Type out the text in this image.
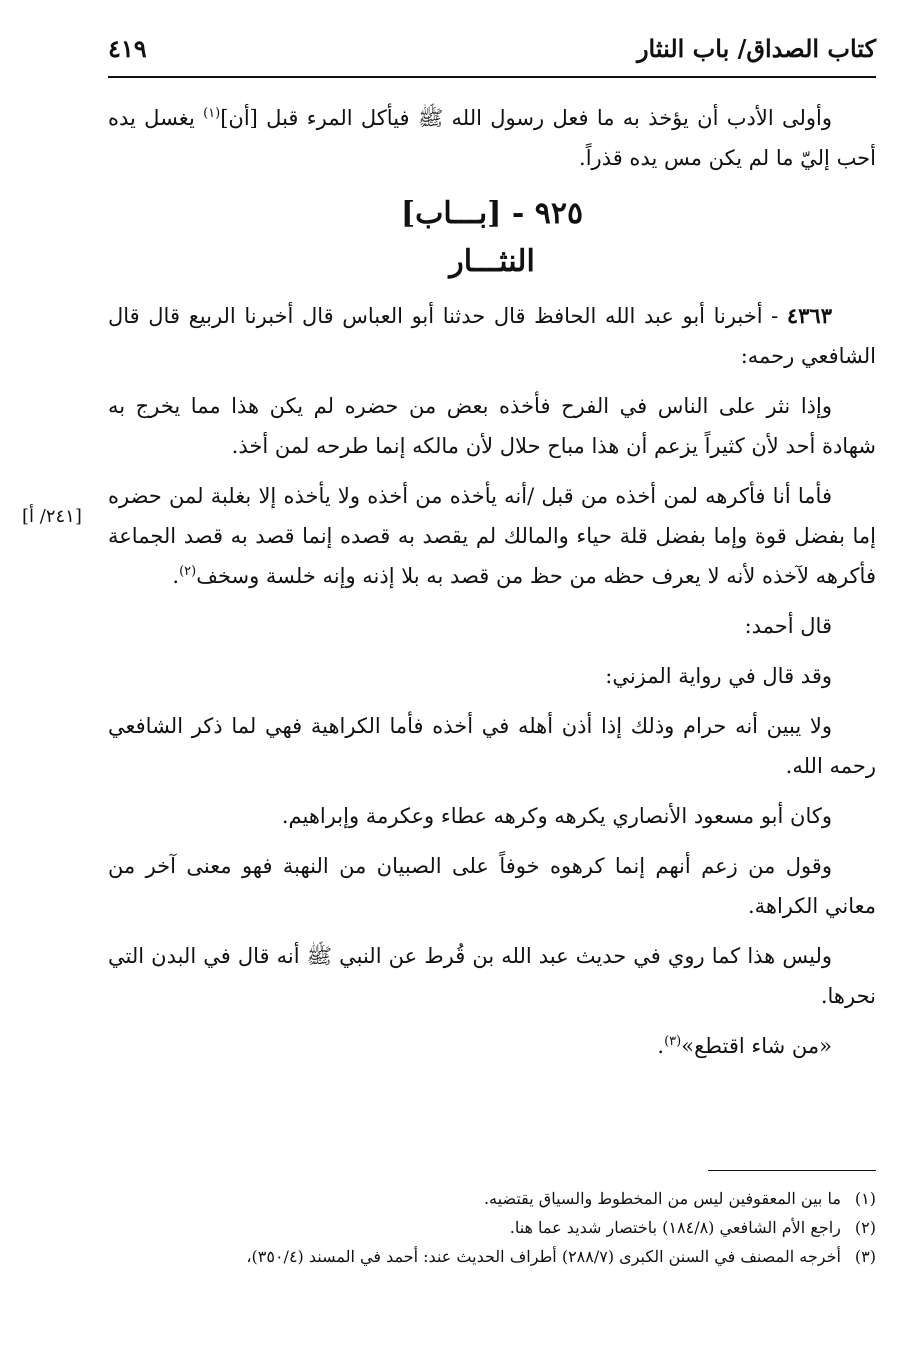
كتاب الصداق/ باب النثار
٤١٩

وأولى الأدب أن يؤخذ به ما فعل رسول الله ﷺ فيأكل المرء قبل [أن]$^{(١)}$ يغسل يده أحب إليّ ما لم يكن مس يده قذراً.

٩٢٥ - [بـــاب]
النثـــار

٤٣٦٣ - أخبرنا أبو عبد الله الحافظ قال حدثنا أبو العباس قال أخبرنا الربيع قال قال الشافعي رحمه:

وإذا نثر على الناس في الفرح فأخذه بعض من حضره لم يكن هذا مما يخرج به شهادة أحد لأن كثيراً يزعم أن هذا مباح حلال لأن مالكه إنما طرحه لمن أخذ.

فأما أنا فأكرهه لمن أخذه من قبل /أنه يأخذه من أخذه ولا يأخذه إلا بغلبة لمن حضره إما بفضل قوة وإما بفضل قلة حياء والمالك لم يقصد به قصده إنما قصد به قصد الجماعة فأكرهه لآخذه لأنه لا يعرف حظه من حظ من قصد به بلا إذنه وإنه خلسة وسخف$^{(٢)}$.

قال أحمد:

وقد قال في رواية المزني:

ولا يبين أنه حرام وذلك إذا أذن أهله في أخذه فأما الكراهية فهي لما ذكر الشافعي رحمه الله.

وكان أبو مسعود الأنصاري يكرهه وكرهه عطاء وعكرمة وإبراهيم.

وقول من زعم أنهم إنما كرهوه خوفاً على الصبيان من النهبة فهو معنى آخر من معاني الكراهة.

وليس هذا كما روي في حديث عبد الله بن قُرط عن النبي ﷺ أنه قال في البدن التي نحرها.

«من شاء اقتطع»$^{(٣)}$.

[٢٤١/ أ]
(١) ما بين المعقوفين ليس من المخطوط والسياق يقتضيه.
(٢) راجع الأم الشافعي (١٨٤/٨) باختصار شديد عما هنا.
(٣) أخرجه المصنف في السنن الكبرى (٢٨٨/٧) أطراف الحديث عند: أحمد في المسند (٣٥٠/٤)،
